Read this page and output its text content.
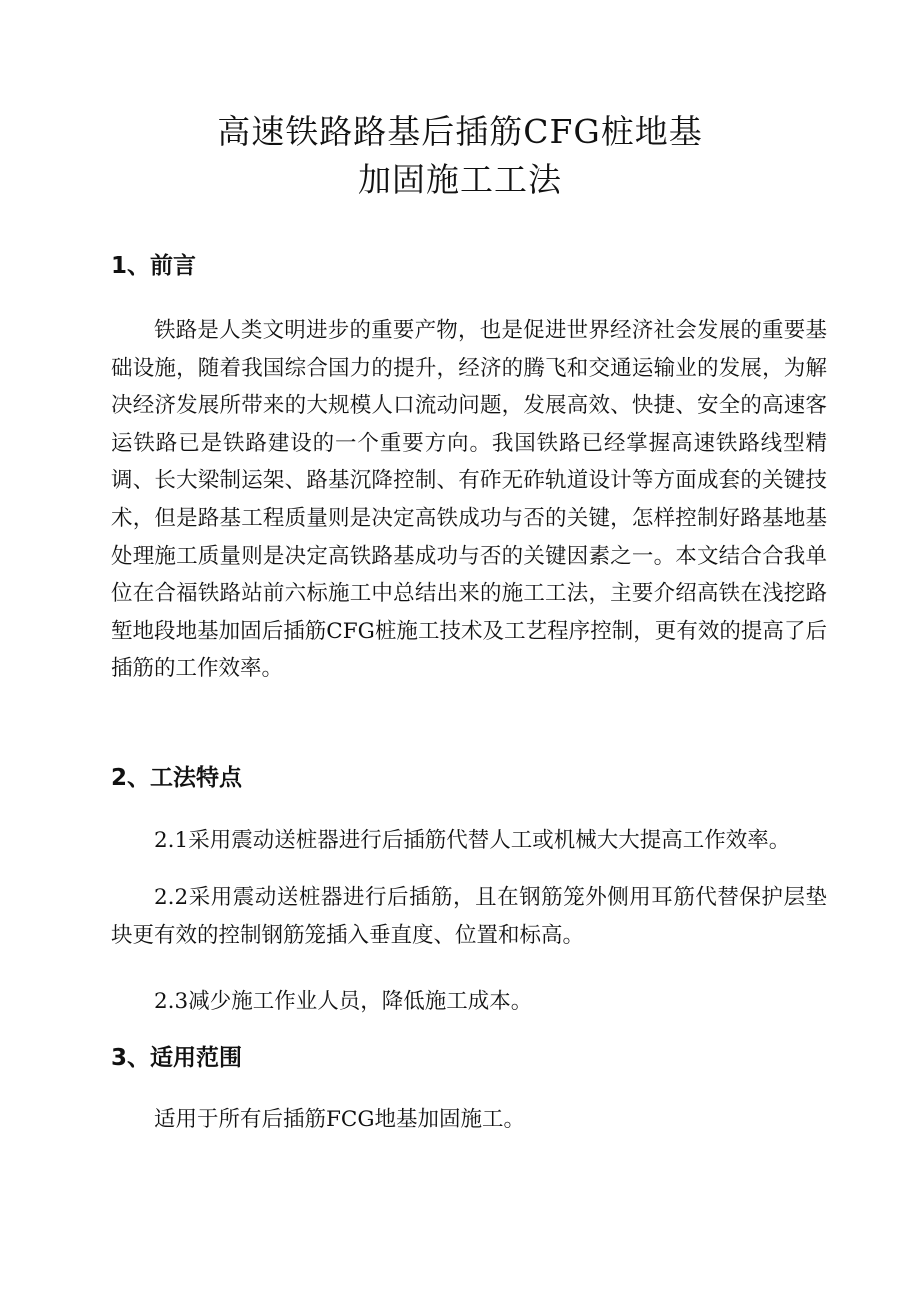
高速铁路路基后插筋CFG桩地基
加固施工工法
1、前言

铁路是人类文明进步的重要产物，也是促进世界经济社会发展的重要基础设施，随着我国综合国力的提升，经济的腾飞和交通运输业的发展，为解决经济发展所带来的大规模人口流动问题，发展高效、快捷、安全的高速客运铁路已是铁路建设的一个重要方向。我国铁路已经掌握高速铁路线型精调、长大梁制运架、路基沉降控制、有砟无砟轨道设计等方面成套的关键技术，但是路基工程质量则是决定高铁成功与否的关键，怎样控制好路基地基处理施工质量则是决定高铁路基成功与否的关键因素之一。本文结合合我单位在合福铁路站前六标施工中总结出来的施工工法，主要介绍高铁在浅挖路堑地段地基加固后插筋CFG桩施工技术及工艺程序控制，更有效的提高了后插筋的工作效率。

2、工法特点

2.1采用震动送桩器进行后插筋代替人工或机械大大提高工作效率。

2.2采用震动送桩器进行后插筋，且在钢筋笼外侧用耳筋代替保护层垫块更有效的控制钢筋笼插入垂直度、位置和标高。

2.3减少施工作业人员，降低施工成本。

3、适用范围

适用于所有后插筋FCG地基加固施工。
